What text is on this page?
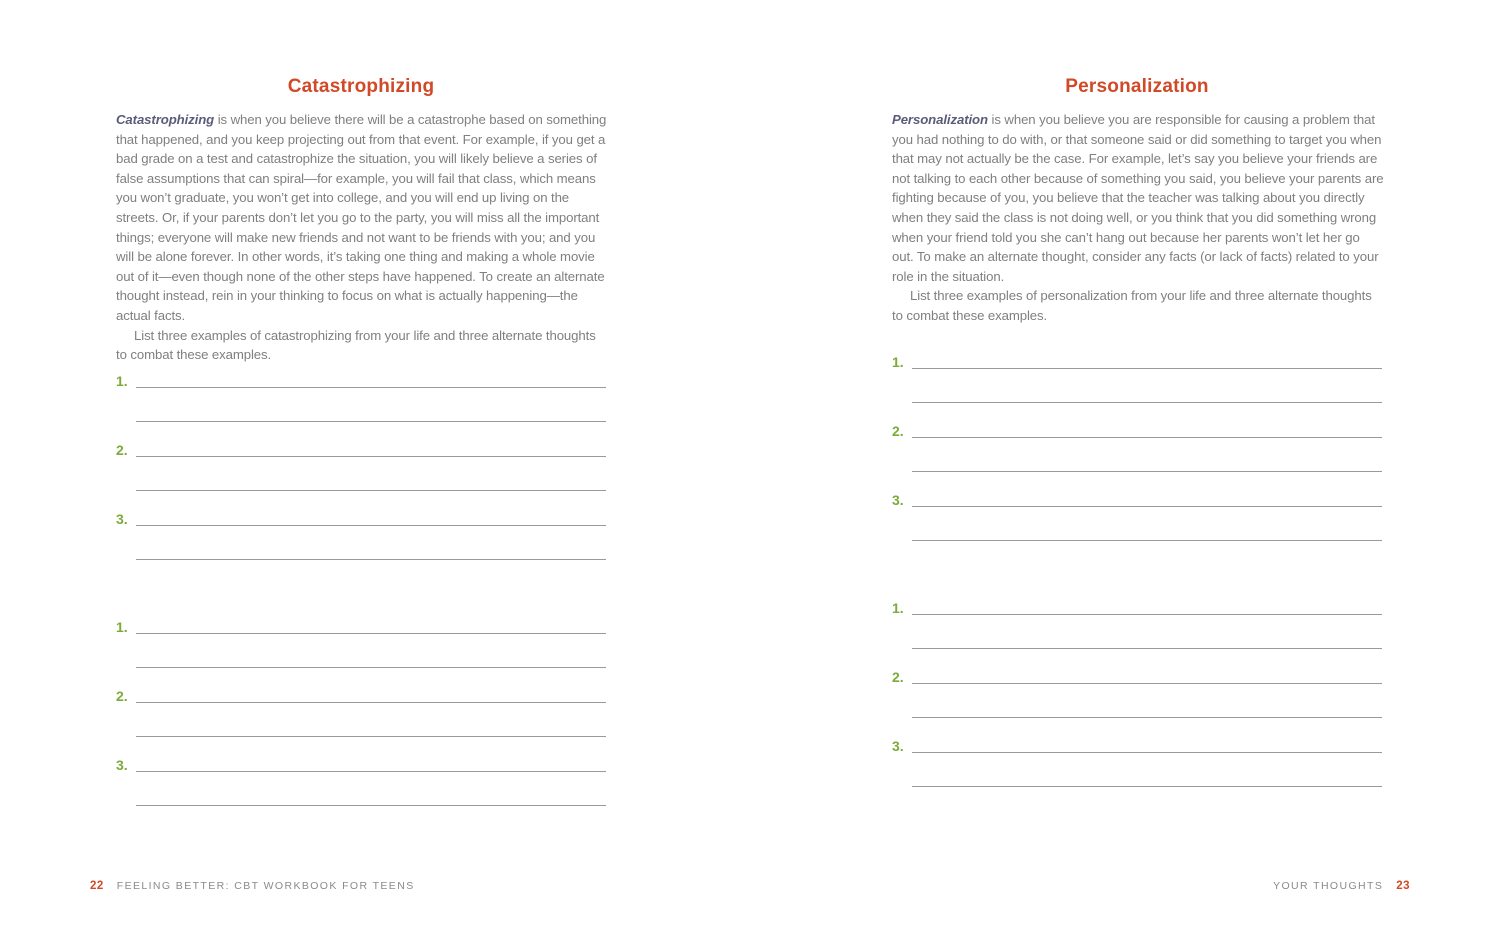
Catastrophizing

Catastrophizing is when you believe there will be a catastrophe based on something that happened, and you keep projecting out from that event. For example, if you get a bad grade on a test and catastrophize the situation, you will likely believe a series of false assumptions that can spiral—for example, you will fail that class, which means you won’t graduate, you won’t get into college, and you will end up living on the streets. Or, if your parents don’t let you go to the party, you will miss all the important things; everyone will make new friends and not want to be friends with you; and you will be alone forever. In other words, it’s taking one thing and making a whole movie out of it—even though none of the other steps have happened. To create an alternate thought instead, rein in your thinking to focus on what is actually happening—the actual facts.

List three examples of catastrophizing from your life and three alternate thoughts to combat these examples.

1.
2.
3.
1.
2.
3.
22 FEELING BETTER: CBT WORKBOOK FOR TEENS
Personalization

Personalization is when you believe you are responsible for causing a problem that you had nothing to do with, or that someone said or did something to target you when that may not actually be the case. For example, let’s say you believe your friends are not talking to each other because of something you said, you believe your parents are fighting because of you, you believe that the teacher was talking about you directly when they said the class is not doing well, or you think that you did something wrong when your friend told you she can’t hang out because her parents won’t let her go out. To make an alternate thought, consider any facts (or lack of facts) related to your role in the situation.

List three examples of personalization from your life and three alternate thoughts to combat these examples.

1.
2.
3.
1.
2.
3.
YOUR THOUGHTS 23
